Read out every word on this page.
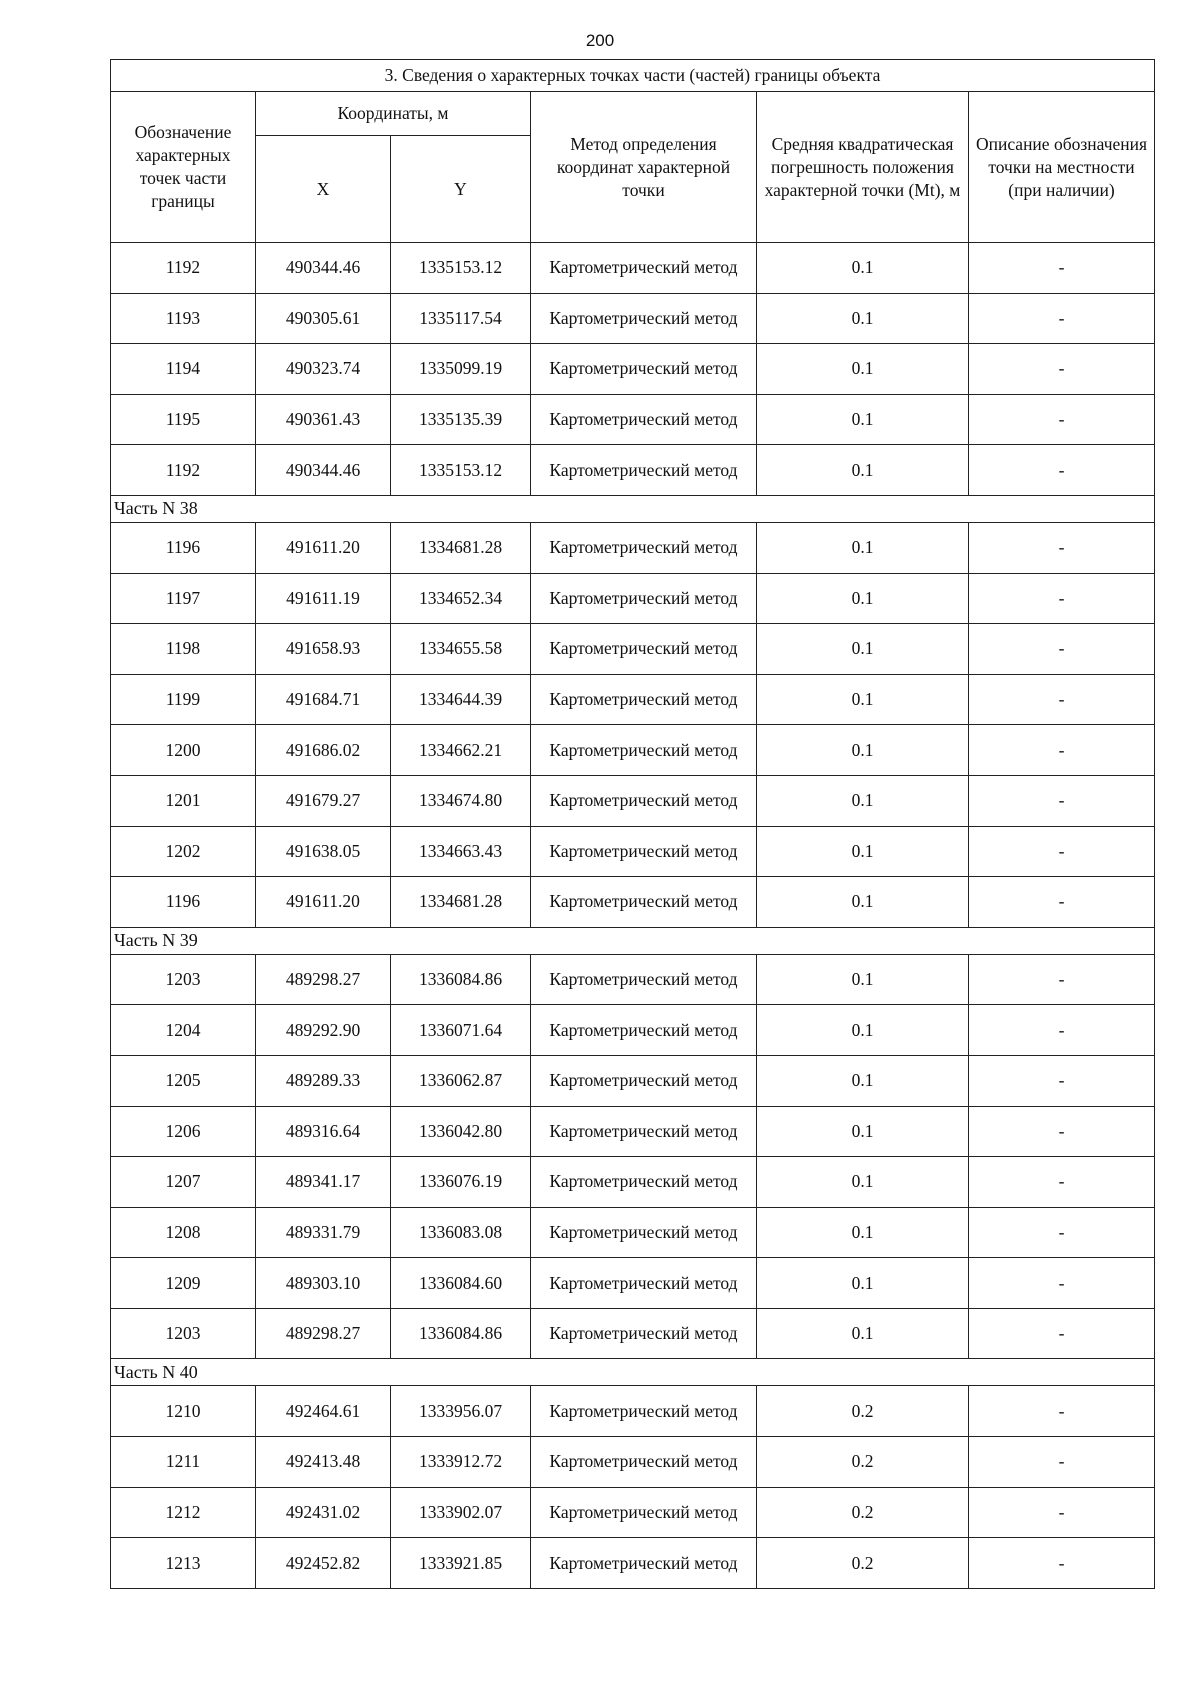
200
3. Сведения о характерных точках части (частей) границы объекта					
Обозначение характерных точек части границы	Координаты, м		Метод определения координат характерной точки	Средняя квадратическая погрешность положения характерной точки (Mt), м	Описание обозначения точки на местности (при наличии)
	X	Y			
1192	490344.46	1335153.12	Картометрический метод	0.1	-
1193	490305.61	1335117.54	Картометрический метод	0.1	-
1194	490323.74	1335099.19	Картометрический метод	0.1	-
1195	490361.43	1335135.39	Картометрический метод	0.1	-
1192	490344.46	1335153.12	Картометрический метод	0.1	-
Часть N 38					
1196	491611.20	1334681.28	Картометрический метод	0.1	-
1197	491611.19	1334652.34	Картометрический метод	0.1	-
1198	491658.93	1334655.58	Картометрический метод	0.1	-
1199	491684.71	1334644.39	Картометрический метод	0.1	-
1200	491686.02	1334662.21	Картометрический метод	0.1	-
1201	491679.27	1334674.80	Картометрический метод	0.1	-
1202	491638.05	1334663.43	Картометрический метод	0.1	-
1196	491611.20	1334681.28	Картометрический метод	0.1	-
Часть N 39					
1203	489298.27	1336084.86	Картометрический метод	0.1	-
1204	489292.90	1336071.64	Картометрический метод	0.1	-
1205	489289.33	1336062.87	Картометрический метод	0.1	-
1206	489316.64	1336042.80	Картометрический метод	0.1	-
1207	489341.17	1336076.19	Картометрический метод	0.1	-
1208	489331.79	1336083.08	Картометрический метод	0.1	-
1209	489303.10	1336084.60	Картометрический метод	0.1	-
1203	489298.27	1336084.86	Картометрический метод	0.1	-
Часть N 40					
1210	492464.61	1333956.07	Картометрический метод	0.2	-
1211	492413.48	1333912.72	Картометрический метод	0.2	-
1212	492431.02	1333902.07	Картометрический метод	0.2	-
1213	492452.82	1333921.85	Картометрический метод	0.2	-
